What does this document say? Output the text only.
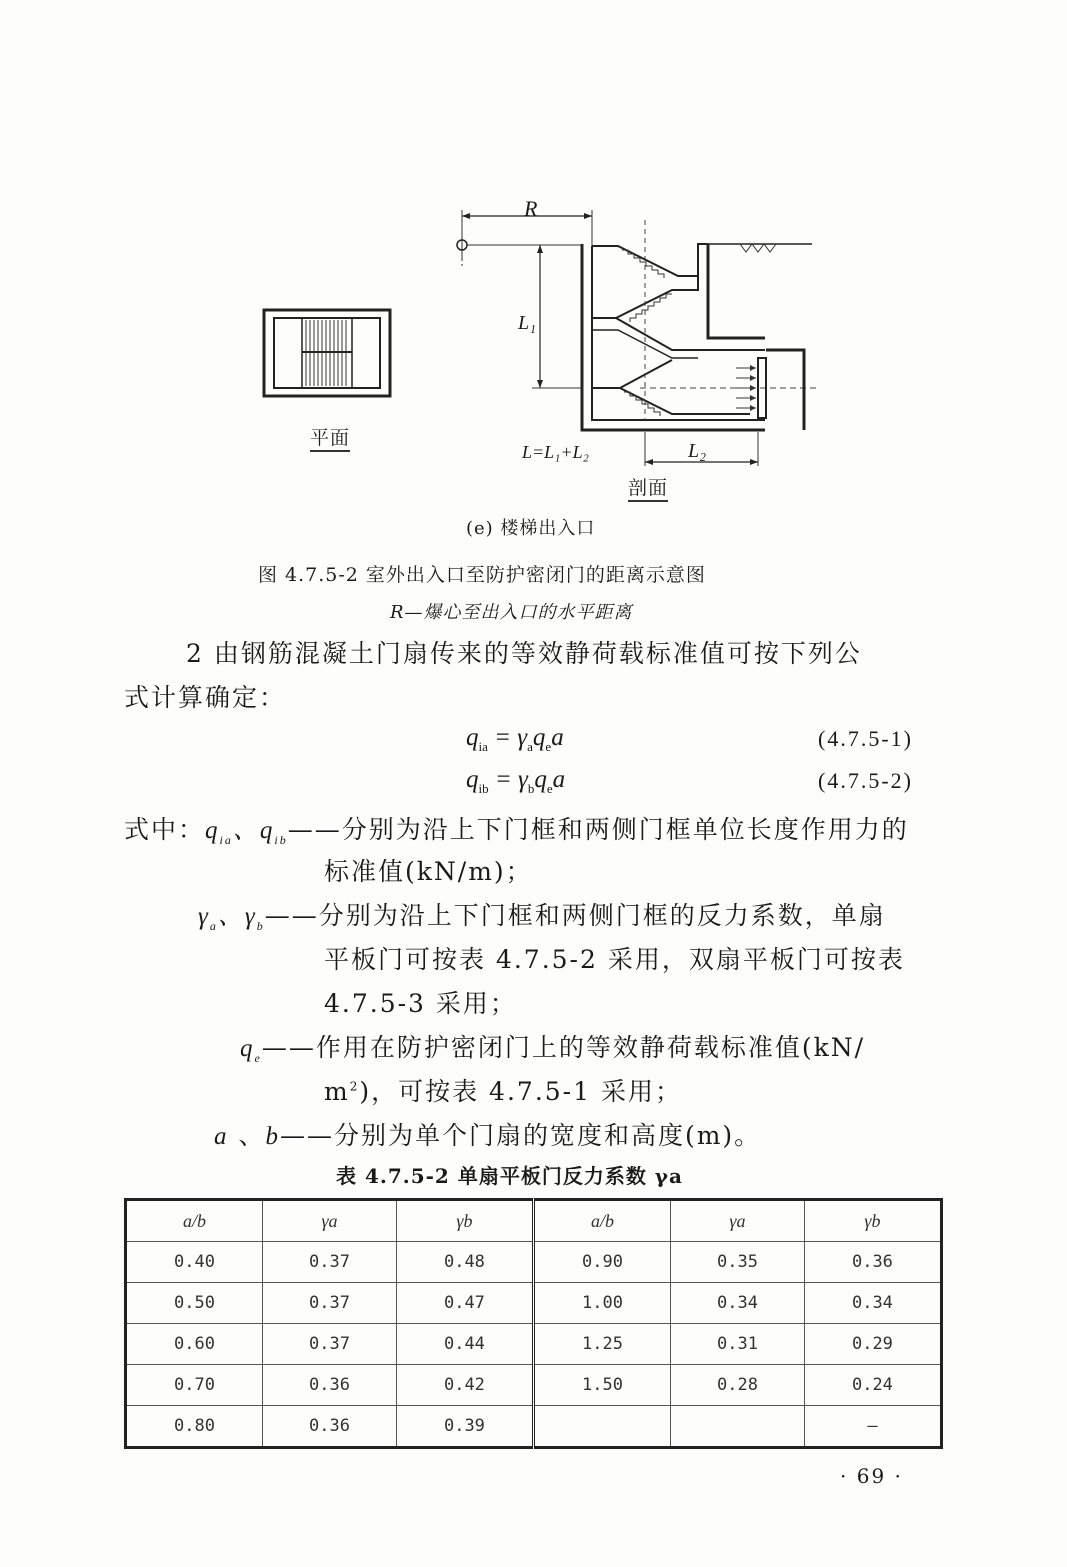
平面
R
L₁
L₂
L=L₁+L₂
剖面
(e) 楼梯出入口
图 4.7.5-2 室外出入口至防护密闭门的距离示意图
R—爆心至出入口的水平距离
2 由钢筋混凝土门扇传来的等效静荷载标准值可按下列公
式计算确定：
$q_{ia} = \gamma_aq_ea$	(4.7.5-1)
$q_{ib} = \gamma_bq_ea$	(4.7.5-2)
式中：$q_{ia}$、$q_{ib}——$分别为沿上下门框和两侧门框单位长度作用力的
标准值(kN/m)；
$\gamma_a$、$\gamma_b——$分别为沿上下门框和两侧门框的反力系数，单扇
平板门可按表 4.7.5-2 采用，双扇平板门可按表
4.7.5-3 采用；
$q_e——$作用在防护密闭门上的等效静荷载标准值(kN/
$m^2$)，可按表 4.7.5-1 采用；
a 、b——分别为单个门扇的宽度和高度(m)。
表 4.7.5-2 单扇平板门反力系数 γa
a/b	γa	γb	a/b	γa	γb
0.40	0.37	0.48	0.90	0.35	0.36
0.50	0.37	0.47	1.00	0.34	0.34
0.60	0.37	0.44	1.25	0.31	0.29
0.70	0.36	0.42	1.50	0.28	0.24
0.80	0.36	0.39			—
· 69 ·
